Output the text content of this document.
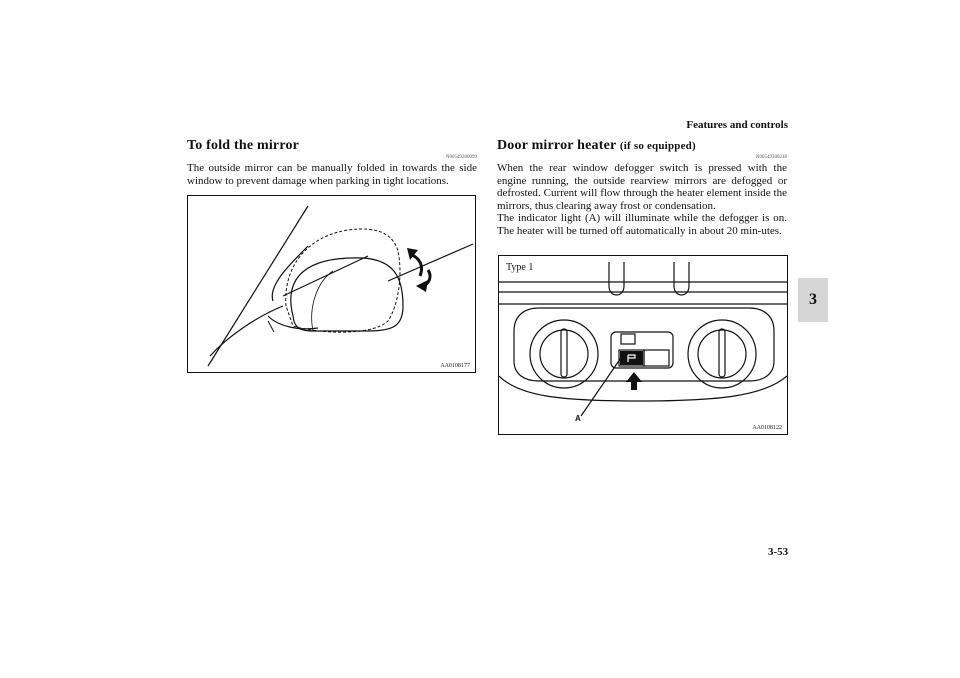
Features and controls
3
To fold the mirror
N00549200099
The outside mirror can be manually folded in towards the side window to prevent damage when parking in tight locations.
AA0108177
Door mirror heater (if so equipped)
N00549300218
When the rear window defogger switch is pressed with the engine running, the outside rearview mirrors are defogged or defrosted. Current will flow through the heater element inside the mirrors, thus clearing away frost or condensation.
The indicator light (A) will illuminate while the defogger is on. The heater will be turned off automatically in about 20 min-utes.
Type 1
A
AA0108122
3-53
